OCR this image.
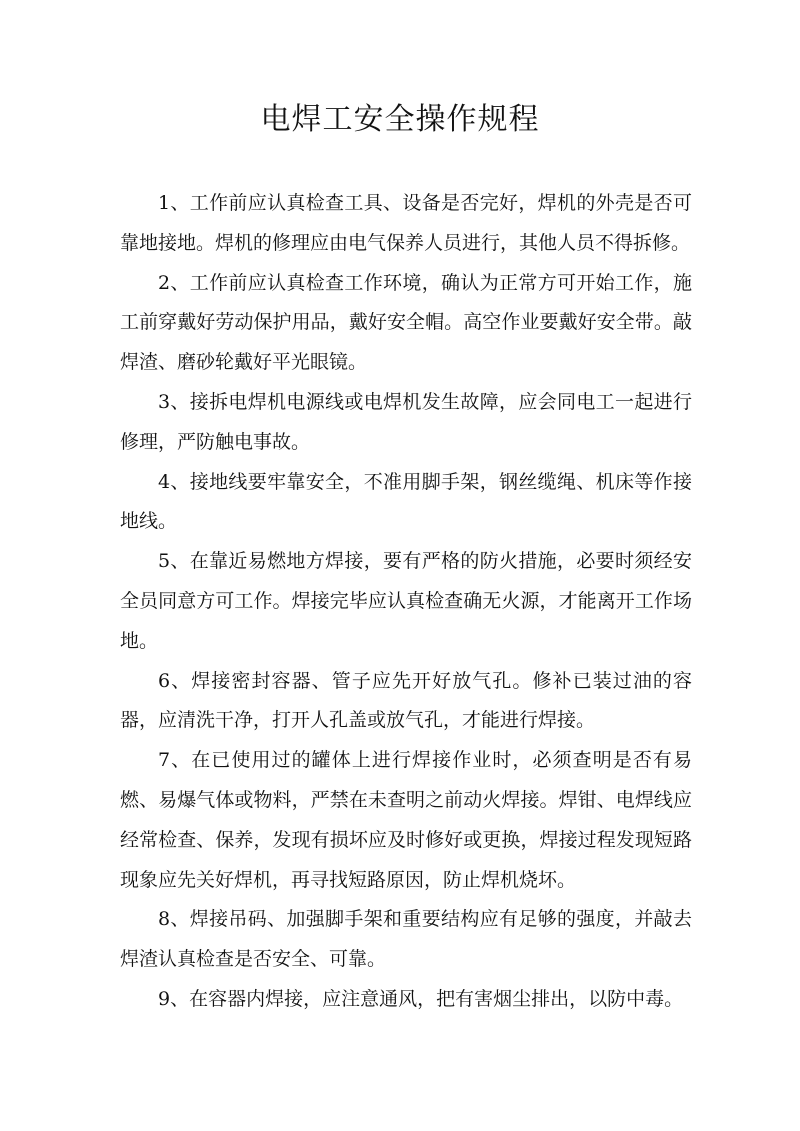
电焊工安全操作规程

1、工作前应认真检查工具、设备是否完好，焊机的外壳是否可靠地接地。焊机的修理应由电气保养人员进行，其他人员不得拆修。

2、工作前应认真检查工作环境，确认为正常方可开始工作，施工前穿戴好劳动保护用品，戴好安全帽。高空作业要戴好安全带。敲焊渣、磨砂轮戴好平光眼镜。

3、接拆电焊机电源线或电焊机发生故障，应会同电工一起进行修理，严防触电事故。

4、接地线要牢靠安全，不准用脚手架，钢丝缆绳、机床等作接地线。

5、在靠近易燃地方焊接，要有严格的防火措施，必要时须经安全员同意方可工作。焊接完毕应认真检查确无火源，才能离开工作场地。

6、焊接密封容器、管子应先开好放气孔。修补已装过油的容器，应清洗干净，打开人孔盖或放气孔，才能进行焊接。

7、在已使用过的罐体上进行焊接作业时，必须查明是否有易燃、易爆气体或物料，严禁在未查明之前动火焊接。焊钳、电焊线应经常检查、保养，发现有损坏应及时修好或更换，焊接过程发现短路现象应先关好焊机，再寻找短路原因，防止焊机烧坏。

8、焊接吊码、加强脚手架和重要结构应有足够的强度，并敲去焊渣认真检查是否安全、可靠。

9、在容器内焊接，应注意通风，把有害烟尘排出，以防中毒。
